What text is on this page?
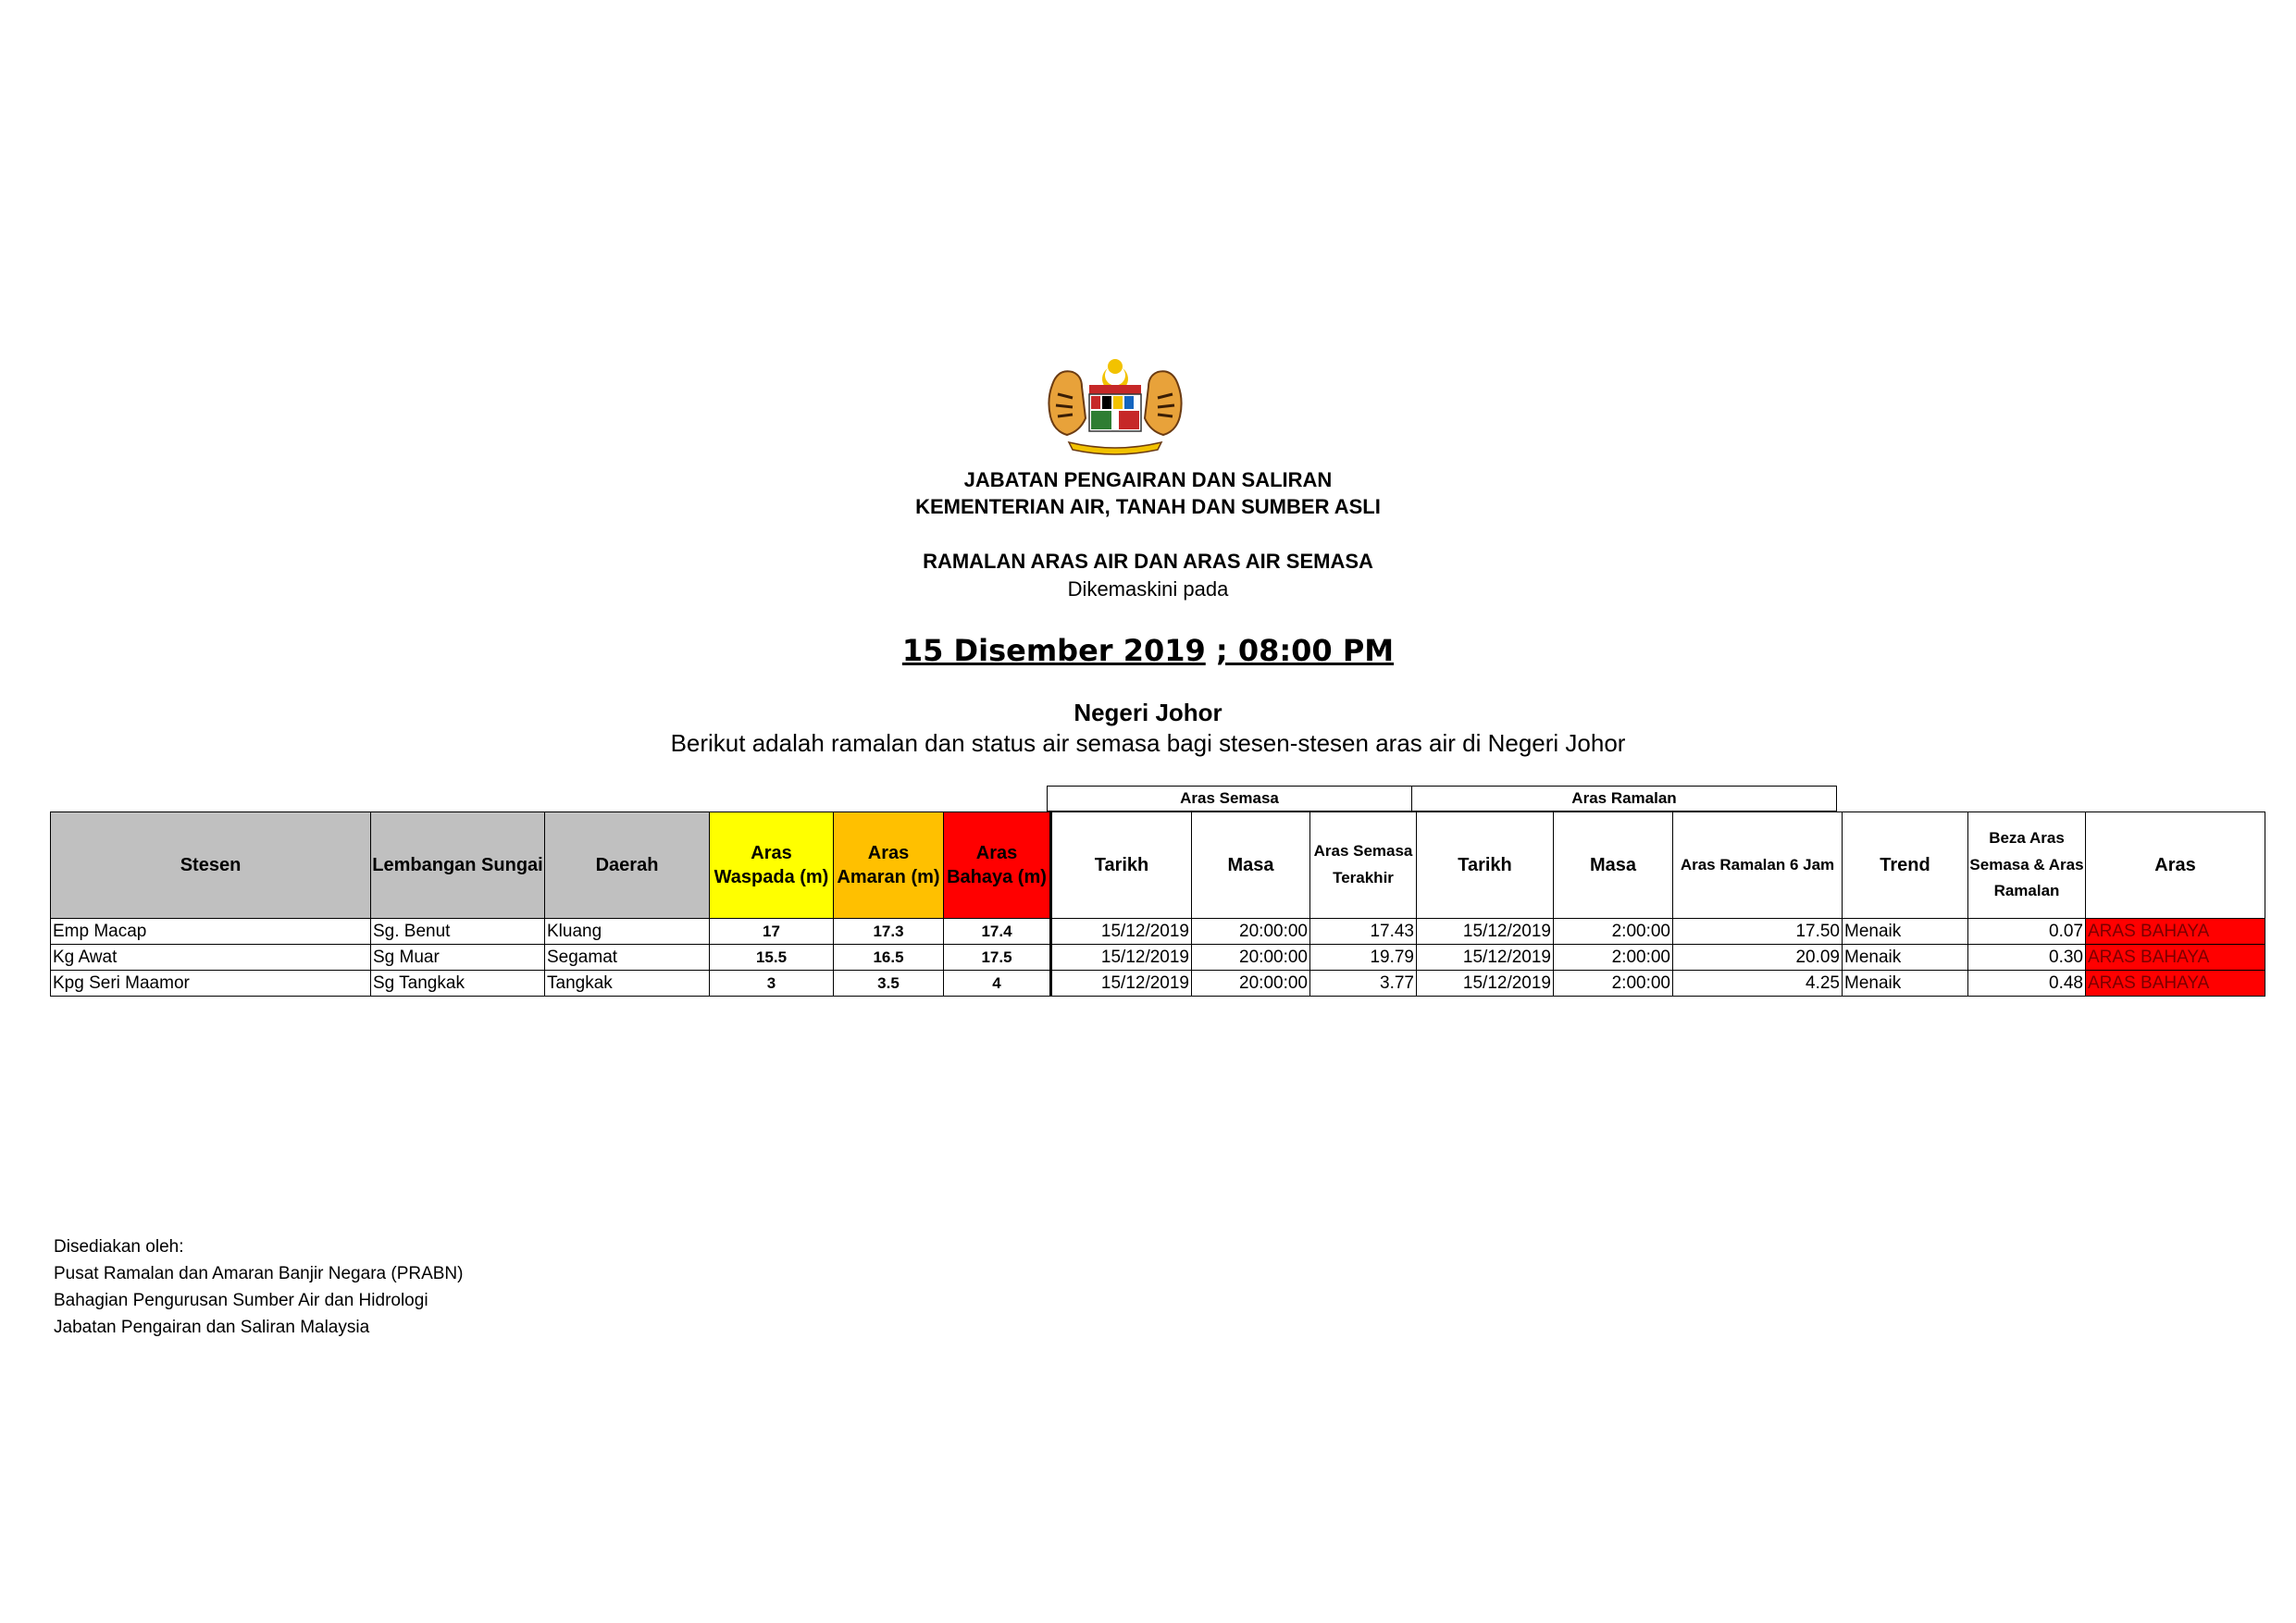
JABATAN PENGAIRAN DAN SALIRAN
KEMENTERIAN AIR, TANAH DAN SUMBER ASLI
RAMALAN ARAS AIR DAN ARAS AIR SEMASA
Dikemaskini pada
15 Disember 2019 ; 08:00 PM
Negeri Johor
Berikut adalah ramalan dan status air semasa bagi stesen-stesen aras air di Negeri Johor
Aras Semasa	Aras Ramalan
Stesen	Lembangan Sungai	Daerah	Aras Waspada (m)	Aras Amaran (m)	Aras Bahaya (m)	Tarikh	Masa	Aras Semasa Terakhir	Tarikh	Masa	Aras Ramalan 6 Jam	Trend	Beza Aras Semasa & Aras Ramalan	Aras
Emp Macap	Sg. Benut	Kluang	17	17.3	17.4	15/12/2019	20:00:00	17.43	15/12/2019	2:00:00	17.50	Menaik	0.07	ARAS BAHAYA
Kg Awat	Sg Muar	Segamat	15.5	16.5	17.5	15/12/2019	20:00:00	19.79	15/12/2019	2:00:00	20.09	Menaik	0.30	ARAS BAHAYA
Kpg Seri Maamor	Sg Tangkak	Tangkak	3	3.5	4	15/12/2019	20:00:00	3.77	15/12/2019	2:00:00	4.25	Menaik	0.48	ARAS BAHAYA
Disediakan oleh:
Pusat Ramalan dan Amaran Banjir Negara (PRABN)
Bahagian Pengurusan Sumber Air dan Hidrologi
Jabatan Pengairan dan Saliran Malaysia
